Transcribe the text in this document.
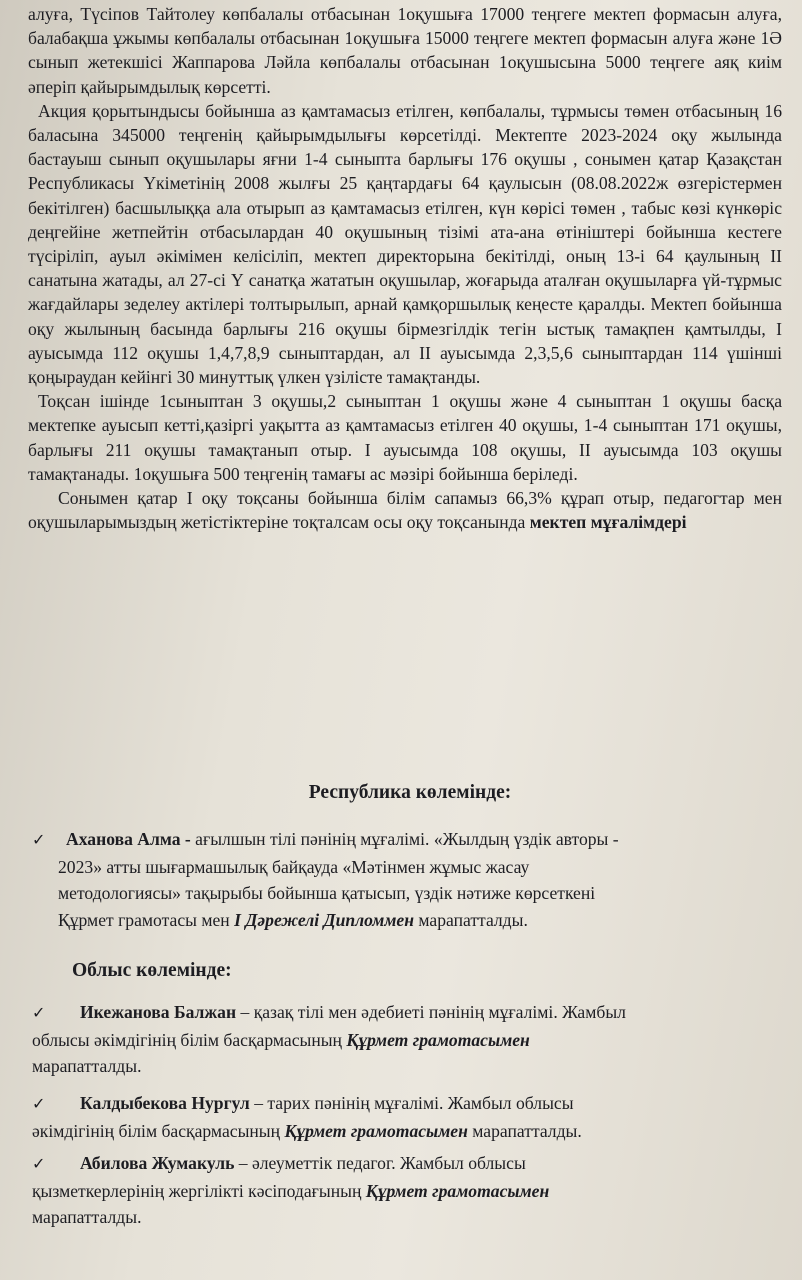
алуға, Түсіпов Тайтолеу көпбалалы отбасынан 1оқушыға 17000 теңгеге мектеп формасын алуға, балабақша ұжымы көпбалалы отбасынан 1оқушыға 15000 теңгеге мектеп формасын алуға және 1Ә сынып жетекшісі Жаппарова Ләйла көпбалалы отбасынан 1оқушысына 5000 теңгеге аяқ киім әперіп қайырымдылық көрсетті.

Акция қорытындысы бойынша аз қамтамасыз етілген, көпбалалы, тұрмысы төмен отбасының 16 баласына 345000 теңгенің қайырымдылығы көрсетілді. Мектепте 2023-2024 оқу жылында бастауыш сынып оқушылары яғни 1-4 сыныпта барлығы 176 оқушы , сонымен қатар Қазақстан Республикасы Үкіметінің 2008 жылғы 25 қаңтардағы 64 қаулысын (08.08.2022ж өзгерістермен бекітілген) басшылыққа ала отырып аз қамтамасыз етілген, күн көрісі төмен , табыс көзі күнкөріс деңгейіне жетпейтін отбасылардан 40 оқушының тізімі ата-ана өтініштері бойынша кестеге түсіріліп, ауыл әкімімен келісіліп, мектеп директорына бекітілді, оның 13-і 64 қаулының ІІ санатына жатады, ал 27-сі Ү санатқа жататын оқушылар, жоғарыда аталған оқушыларға үй-тұрмыс жағдайлары зеделеу актілері толтырылып, арнай қамқоршылық кеңесте қаралды. Мектеп бойынша оқу жылының басында барлығы 216 оқушы бірмезгілдік тегін ыстық тамақпен қамтылды, І ауысымда 112 оқушы 1,4,7,8,9 сыныптардан, ал ІІ ауысымда 2,3,5,6 сыныптардан 114 үшінші қоңыраудан кейінгі 30 минуттық үлкен үзілісте тамақтанды.

Тоқсан ішінде 1сыныптан 3 оқушы,2 сыныптан 1 оқушы және 4 сыныптан 1 оқушы басқа мектепке ауысып кетті,қазіргі уақытта аз қамтамасыз етілген 40 оқушы, 1-4 сыныптан 171 оқушы, барлығы 211 оқушы тамақтанып отыр. І ауысымда 108 оқушы, ІІ ауысымда 103 оқушы тамақтанады. 1оқушыға 500 теңгенің тамағы ас мәзірі бойынша беріледі.

Сонымен қатар І оқу тоқсаны бойынша білім сапамыз 66,3% құрап отыр, педагогтар мен оқушыларымыздың жетістіктеріне тоқталсам осы оқу тоқсанында мектеп мұғалімдері

Республика көлемінде:
✓ Аханова Алма - ағылшын тілі пәнінің мұғалімі. «Жылдың үздік авторы -
2023» атты шығармашылық байқауда «Мәтінмен жұмыс жасау
методологиясы» тақырыбы бойынша қатысып, үздік нәтиже көрсеткені
Құрмет грамотасы мен І Дәрежелі Дипломмен марапатталды.
Облыс көлемінде:
✓ Икежанова Балжан – қазақ тілі мен әдебиеті пәнінің мұғалімі. Жамбыл
облысы әкімдігінің білім басқармасының Құрмет грамотасымен
марапатталды.
✓ Калдыбекова Нургул – тарих пәнінің мұғалімі. Жамбыл облысы
әкімдігінің білім басқармасының Құрмет грамотасымен марапатталды.
✓ Абилова Жумакуль – әлеуметтік педагог. Жамбыл облысы
қызметкерлерінің жергілікті кәсіподағының Құрмет грамотасымен
марапатталды.
